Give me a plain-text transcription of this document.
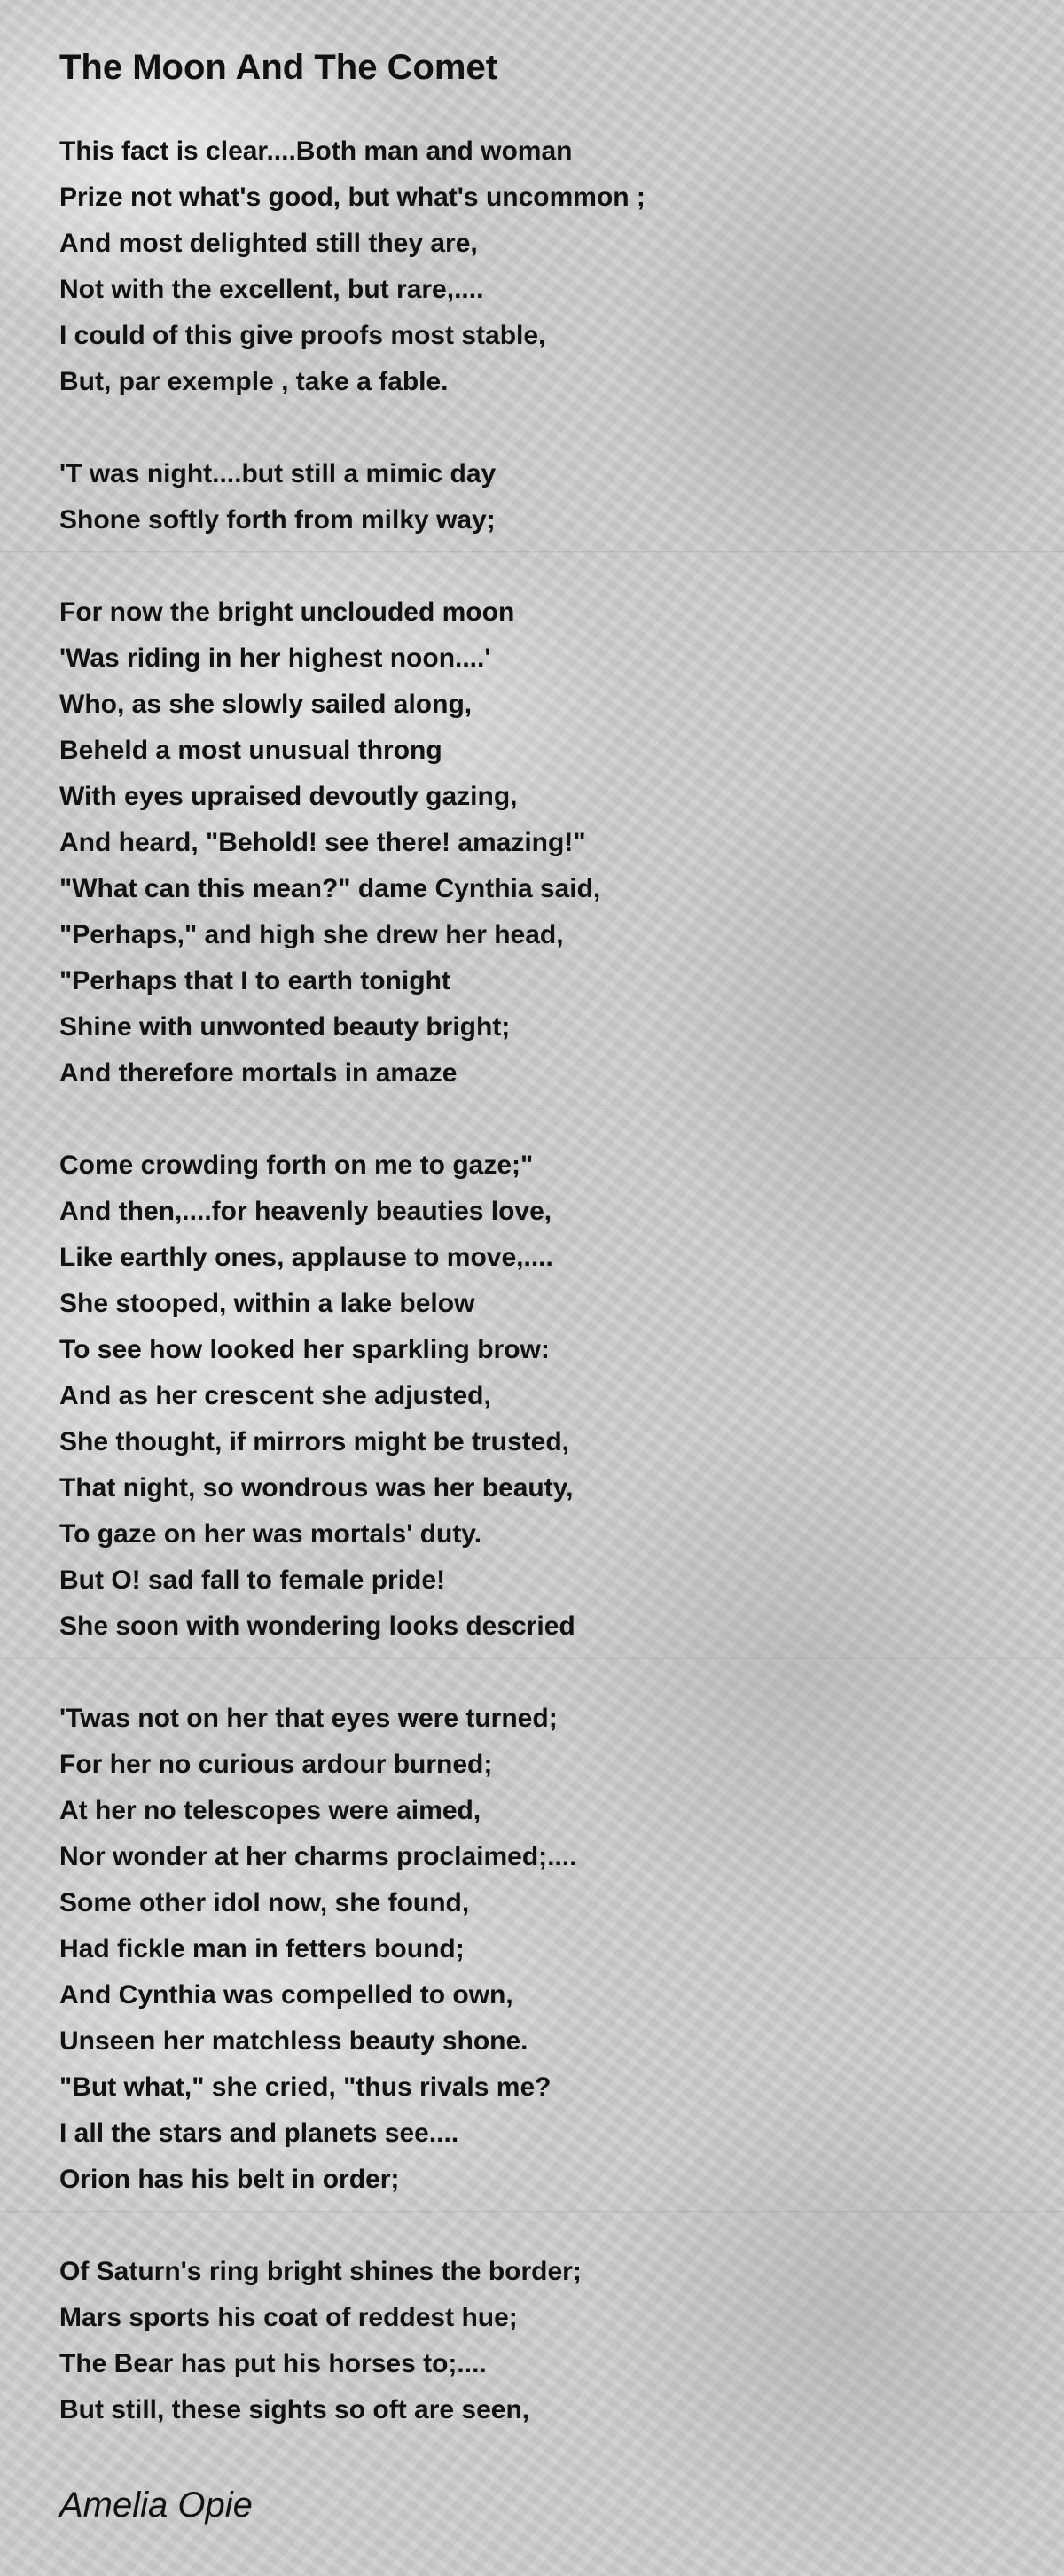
The Moon And The Comet
This fact is clear....Both man and woman
Prize not what's good, but what's uncommon ;
And most delighted still they are,
Not with the excellent, but rare,....
I could of this give proofs most stable,
But, par exemple , take a fable.
'T was night....but still a mimic day
Shone softly forth from milky way;
For now the bright unclouded moon
'Was riding in her highest noon....'
Who, as she slowly sailed along,
Beheld a most unusual throng
With eyes upraised devoutly gazing,
And heard, "Behold! see there! amazing!"
"What can this mean?" dame Cynthia said,
"Perhaps," and high she drew her head,
"Perhaps that I to earth tonight
Shine with unwonted beauty bright;
And therefore mortals in amaze
Come crowding forth on me to gaze;"
And then,....for heavenly beauties love,
Like earthly ones, applause to move,....
She stooped, within a lake below
To see how looked her sparkling brow:
And as her crescent she adjusted,
She thought, if mirrors might be trusted,
That night, so wondrous was her beauty,
To gaze on her was mortals' duty.
But O! sad fall to female pride!
She soon with wondering looks descried
'Twas not on her that eyes were turned;
For her no curious ardour burned;
At her no telescopes were aimed,
Nor wonder at her charms proclaimed;....
Some other idol now, she found,
Had fickle man in fetters bound;
And Cynthia was compelled to own,
Unseen her matchless beauty shone.
"But what," she cried, "thus rivals me?
I all the stars and planets see....
Orion has his belt in order;
Of Saturn's ring bright shines the border;
Mars sports his coat of reddest hue;
The Bear has put his horses to;....
But still, these sights so oft are seen,
Amelia Opie
